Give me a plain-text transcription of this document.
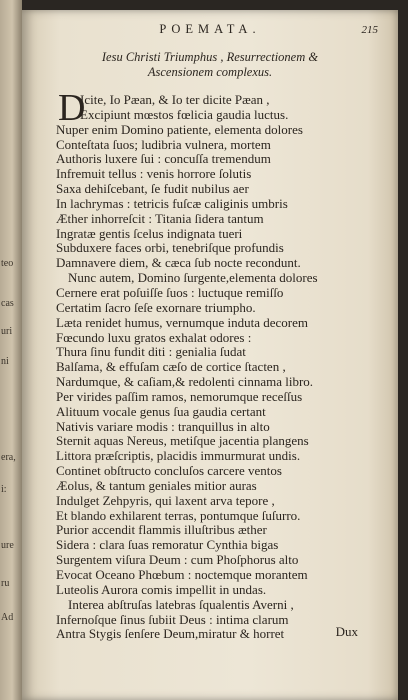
teo
cas
uri
ni
era,
i:
ure
ru
Ad
POEMATA.	215
Iesu Christi Triumphus , Resurrectionem &
Ascensionem complexus.
D
Icite, Io Pæan, & Io ter dicite Pæan ,
Excipiunt mœstos fœlicia gaudia luctus.
Nuper enim Domino patiente, elementa dolores
Conteſtata ſuos; ludibria vulnera, mortem
Authoris luxere ſui : concuſſa tremendum
Infremuit tellus : venis horrore ſolutis
Saxa dehiſcebant, ſe fudit nubilus aer
In lachrymas : tetricis fuſcæ caliginis umbris
Æther inhorreſcit : Titania ſidera tantum
Ingratæ gentis ſcelus indignata tueri
Subduxere faces orbi, tenebriſque profundis
Damnavere diem, & cæca ſub nocte recondunt.
Nunc autem, Domino ſurgente,elementa dolores
Cernere erat poſuiſſe ſuos : luctuque remiſſo
Certatim ſacro ſeſe exornare triumpho.
Læta renidet humus, vernumque induta decorem
Fœcundo luxu gratos exhalat odores :
Thura ſinu fundit diti : genialia ſudat
Balſama, & effuſam cæſo de cortice ſtacten ,
Nardumque, & caſiam,& redolenti cinnama libro.
Per virides paſſim ramos, nemorumque receſſus
Alituum vocale genus ſua gaudia certant
Nativis variare modis : tranquillus in alto
Sternit aquas Nereus, metiſque jacentia plangens
Littora præſcriptis, placidis immurmurat undis.
Continet obſtructo concluſos carcere ventos
Æolus, & tantum geniales mitior auras
Indulget Zehpyris, qui laxent arva tepore ,
Et blando exhilarent terras, pontumque ſuſurro.
Purior accendit flammis illuſtribus æther
Sidera : clara ſuas remoratur Cynthia bigas
Surgentem viſura Deum : cum Phoſphorus alto
Evocat Oceano Phœbum : noctemque morantem
Luteolis Aurora comis impellit in undas.
Interea abſtruſas latebras ſqualentis Averni ,
Infernoſque ſinus ſubiit Deus : intima clarum
Antra Stygis ſenſere Deum,miratur & horret	Dux
